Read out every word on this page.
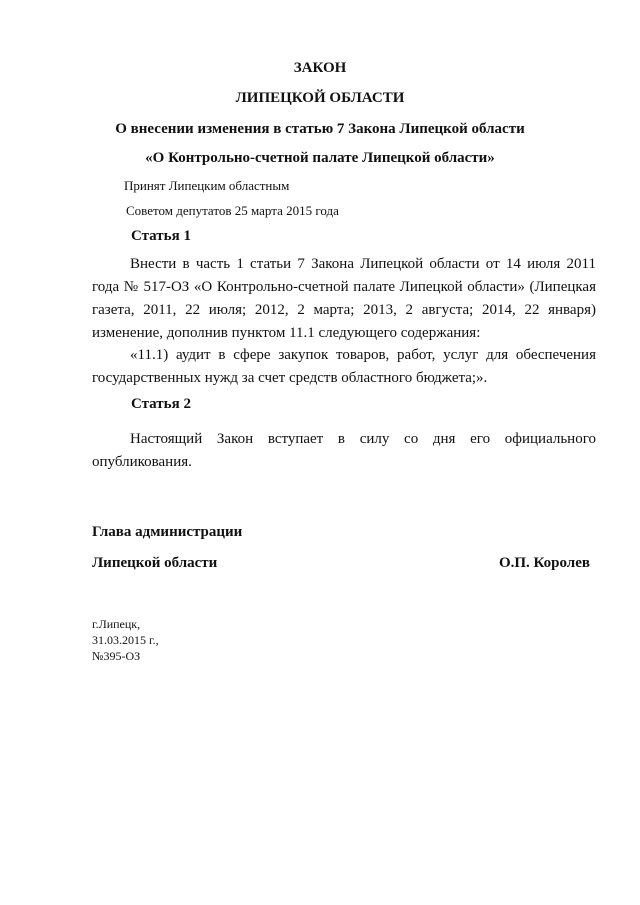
ЗАКОН
ЛИПЕЦКОЙ ОБЛАСТИ
О внесении изменения в статью 7 Закона Липецкой области
«О Контрольно-счетной палате Липецкой области»
Принят Липецким областным
Советом депутатов 25 марта 2015 года
Статья 1

Внести в часть 1 статьи 7 Закона Липецкой области от 14 июля 2011 года № 517-ОЗ «О Контрольно-счетной палате Липецкой области» (Липецкая газета, 2011, 22 июля; 2012, 2 марта; 2013, 2 августа; 2014, 22 января) изменение, дополнив пунктом 11.1 следующего содержания:

«11.1) аудит в сфере закупок товаров, работ, услуг для обеспечения государственных нужд за счет средств областного бюджета;».

Статья 2

Настоящий Закон вступает в силу со дня его официального опубликования.

Глава администрации
Липецкой области	О.П. Королев
г.Липецк,
31.03.2015 г.,
№395-ОЗ
